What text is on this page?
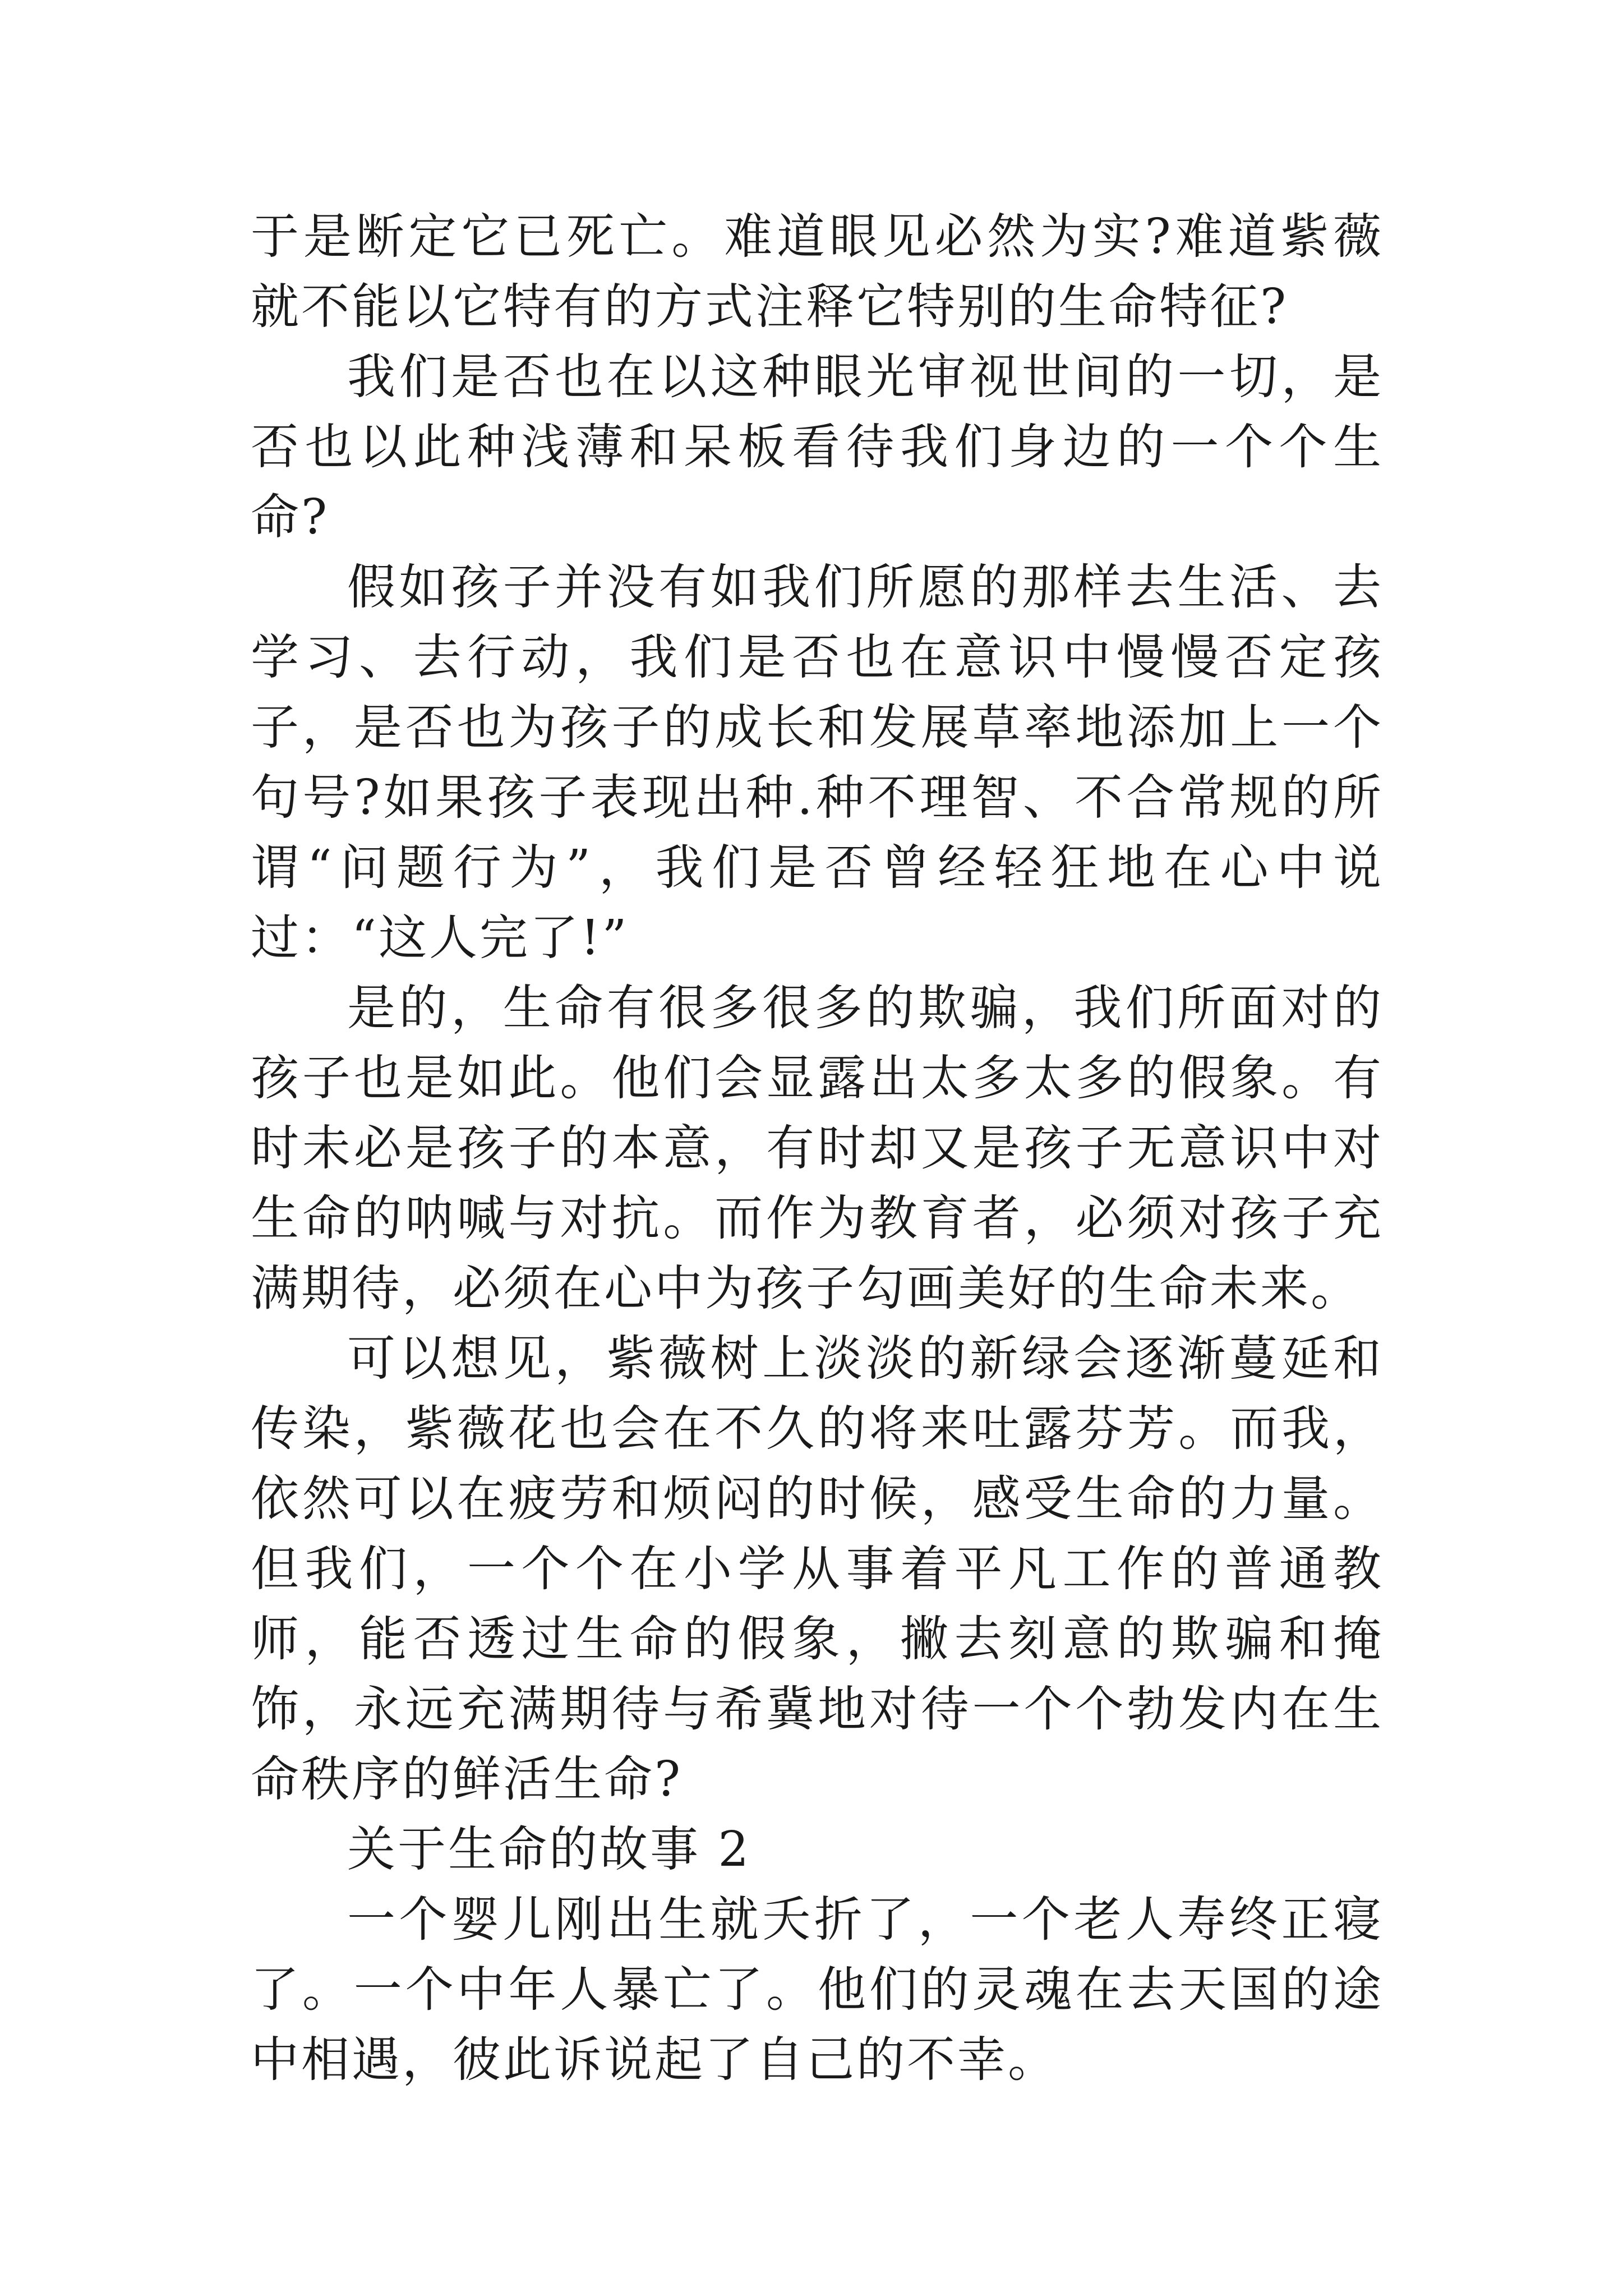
于是断定它已死亡。难道眼见必然为实?难道紫薇就不能以它特有的方式注释它特别的生命特征?

我们是否也在以这种眼光审视世间的一切，是否也以此种浅薄和呆板看待我们身边的一个个生命?

假如孩子并没有如我们所愿的那样去生活、去学习、去行动，我们是否也在意识中慢慢否定孩子，是否也为孩子的成长和发展草率地添加上一个句号?如果孩子表现出种.种不理智、不合常规的所谓“问题行为”，我们是否曾经轻狂地在心中说过：“这人完了!”

是的，生命有很多很多的欺骗，我们所面对的孩子也是如此。他们会显露出太多太多的假象。有时未必是孩子的本意，有时却又是孩子无意识中对生命的呐喊与对抗。而作为教育者，必须对孩子充满期待，必须在心中为孩子勾画美好的生命未来。

可以想见，紫薇树上淡淡的新绿会逐渐蔓延和传染，紫薇花也会在不久的将来吐露芬芳。而我，依然可以在疲劳和烦闷的时候，感受生命的力量。但我们，一个个在小学从事着平凡工作的普通教师，能否透过生命的假象，撇去刻意的欺骗和掩饰，永远充满期待与希冀地对待一个个勃发内在生命秩序的鲜活生命?

关于生命的故事 2

一个婴儿刚出生就夭折了，一个老人寿终正寝了。一个中年人暴亡了。他们的灵魂在去天国的途中相遇，彼此诉说起了自己的不幸。
